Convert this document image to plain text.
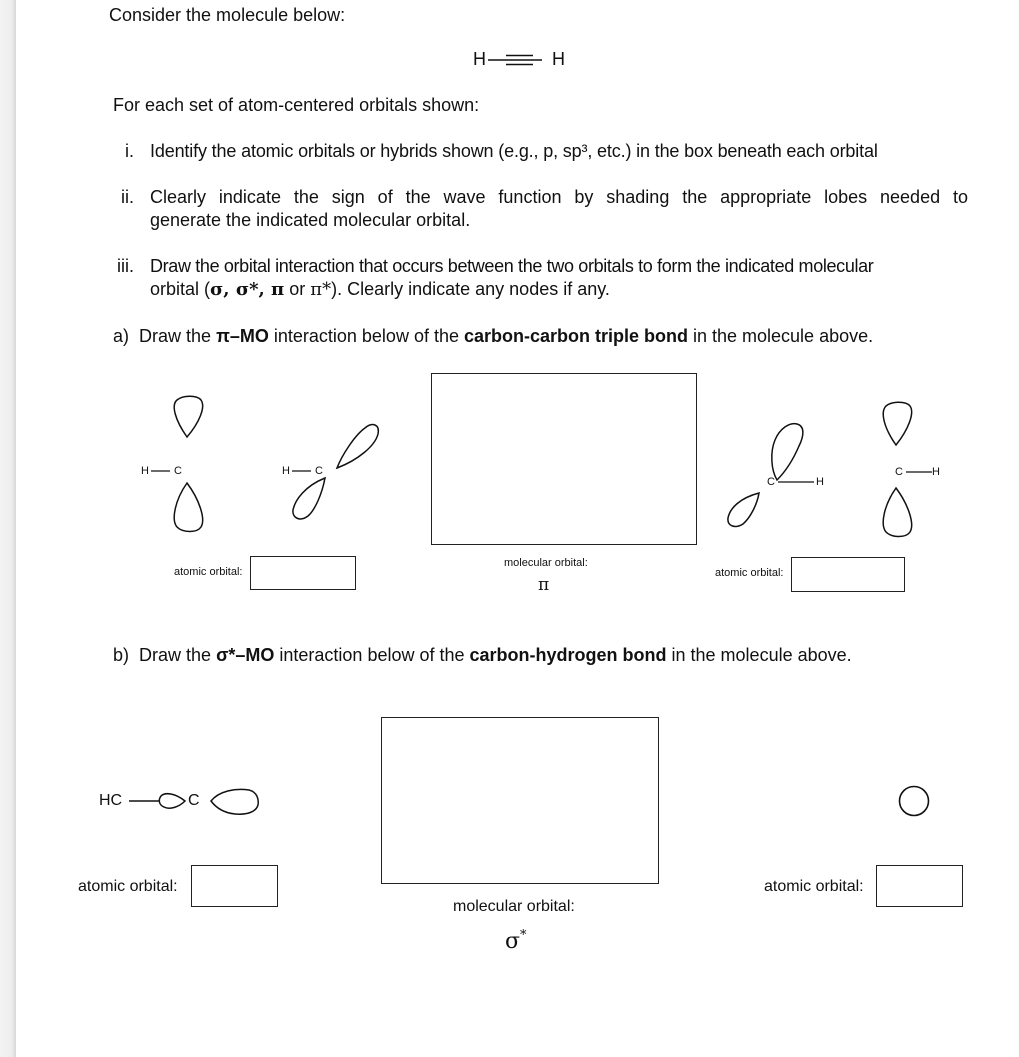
Consider the molecule below:
H	H
For each set of atom-centered orbitals shown:
i. Identify the atomic orbitals or hybrids shown (e.g., p, sp³, etc.) in the box beneath each orbital
ii. Clearly indicate the sign of the wave function by shading the appropriate lobes needed to
generate the indicated molecular orbital.
iii. Draw the orbital interaction that occurs between the two orbitals to form the indicated molecular
orbital (σ, σ*, π or π*). Clearly indicate any nodes if any.
a) Draw the π–MO interaction below of the carbon-carbon triple bond in the molecule above.
H C	H C
atomic orbital:
molecular orbital:
π
C	H
C	H
atomic orbital:
b) Draw the σ*–MO interaction below of the carbon-hydrogen bond in the molecule above.
HC	C
atomic orbital:
molecular orbital:
σ*
atomic orbital:
